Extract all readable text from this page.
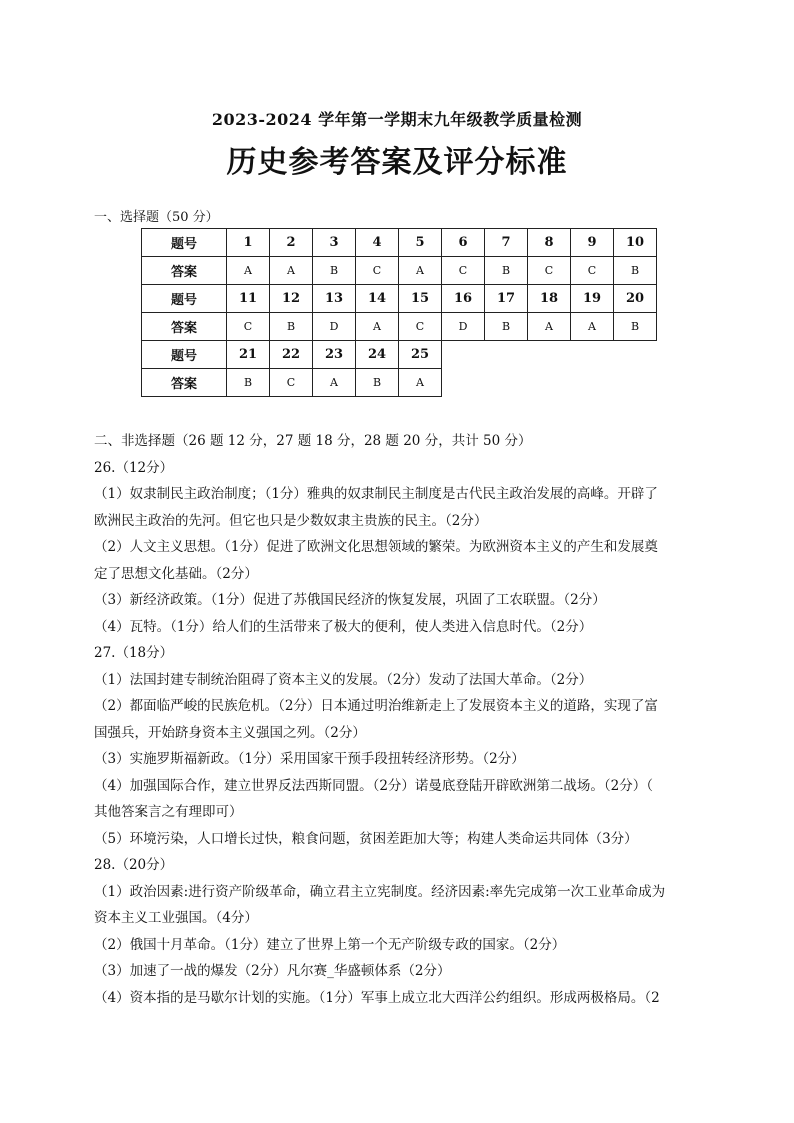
2023-2024 学年第一学期末九年级教学质量检测
历史参考答案及评分标准
一、选择题（50 分）
题号	1	2	3	4	5	6	7	8	9	10
答案	A	A	B	C	A	C	B	C	C	B
题号	11	12	13	14	15	16	17	18	19	20
答案	C	B	D	A	C	D	B	A	A	B
题号	21	22	23	24	25					
答案	B	C	A	B	A					
二、非选择题（26 题 12 分，27 题 18 分，28 题 20 分，共计 50 分）
26.（12分）
（1）奴隶制民主政治制度；（1分）雅典的奴隶制民主制度是古代民主政治发展的高峰。开辟了
欧洲民主政治的先河。但它也只是少数奴隶主贵族的民主。（2分）
（2）人文主义思想。（1分）促进了欧洲文化思想领域的繁荣。为欧洲资本主义的产生和发展奠
定了思想文化基础。（2分）
（3）新经济政策。（1分）促进了苏俄国民经济的恢复发展，巩固了工农联盟。（2分）
（4）瓦特。（1分）给人们的生活带来了极大的便利，使人类进入信息时代。（2分）
27.（18分）
（1）法国封建专制统治阻碍了资本主义的发展。（2分）发动了法国大革命。（2分）
（2）都面临严峻的民族危机。（2分）日本通过明治维新走上了发展资本主义的道路，实现了富
国强兵，开始跻身资本主义强国之列。（2分）
（3）实施罗斯福新政。（1分）采用国家干预手段扭转经济形势。（2分）
（4）加强国际合作，建立世界反法西斯同盟。（2分）诺曼底登陆开辟欧洲第二战场。（2分）（
其他答案言之有理即可）
（5）环境污染，人口增长过快，粮食问题，贫困差距加大等；构建人类命运共同体（3分）
28.（20分）
（1）政治因素:进行资产阶级革命，确立君主立宪制度。经济因素:率先完成第一次工业革命成为
资本主义工业强国。（4分）
（2）俄国十月革命。（1分）建立了世界上第一个无产阶级专政的国家。（2分）
（3）加速了一战的爆发（2分）凡尔赛_华盛顿体系（2分）
（4）资本指的是马歇尔计划的实施。（1分）军事上成立北大西洋公约组织。形成两极格局。（2
